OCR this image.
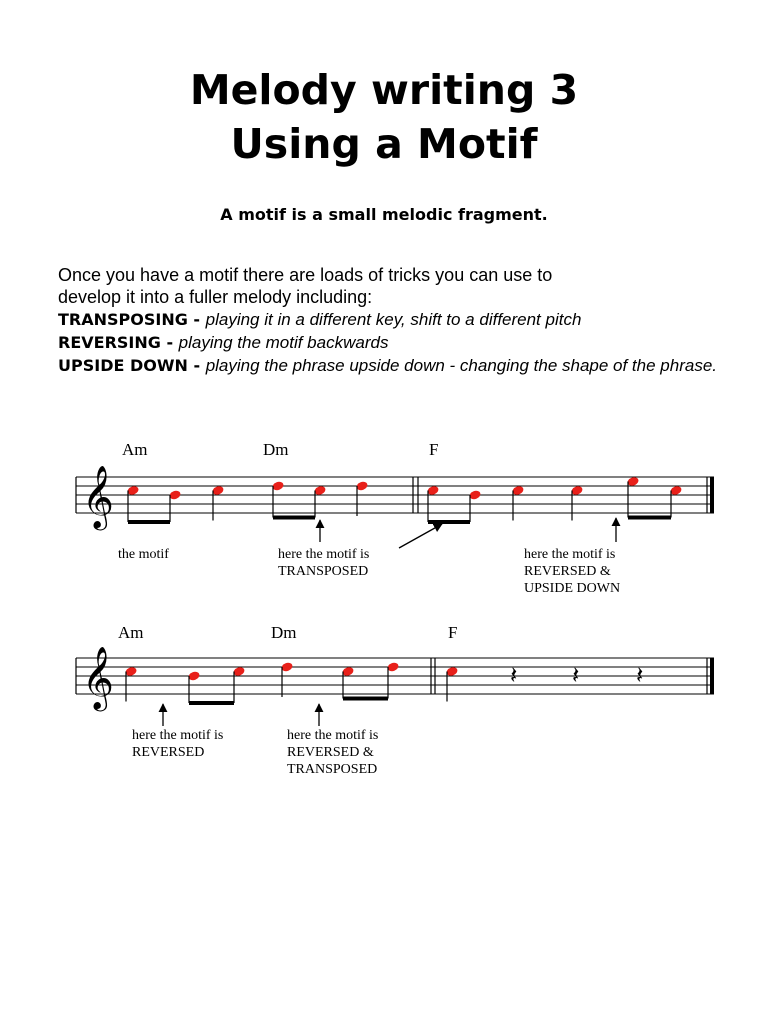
Melody writing 3
Using a Motif

A motif is a small melodic fragment.

Once you have a motif there are loads of tricks you can use to

develop it into a fuller melody including:

TRANSPOSING - playing it in a different key, shift to a different pitch

REVERSING - playing the motif backwards

UPSIDE DOWN - playing the phrase upside down - changing the shape of the phrase.

Am	Dm	F

Am	Dm	F

the motif	here the motif is
TRANSPOSED
here the motif is
REVERSED &
UPSIDE DOWN
here the motif is
REVERSED
here the motif is
REVERSED &
TRANSPOSED
𝄞
𝄞	𝄽 𝄽 𝄽
